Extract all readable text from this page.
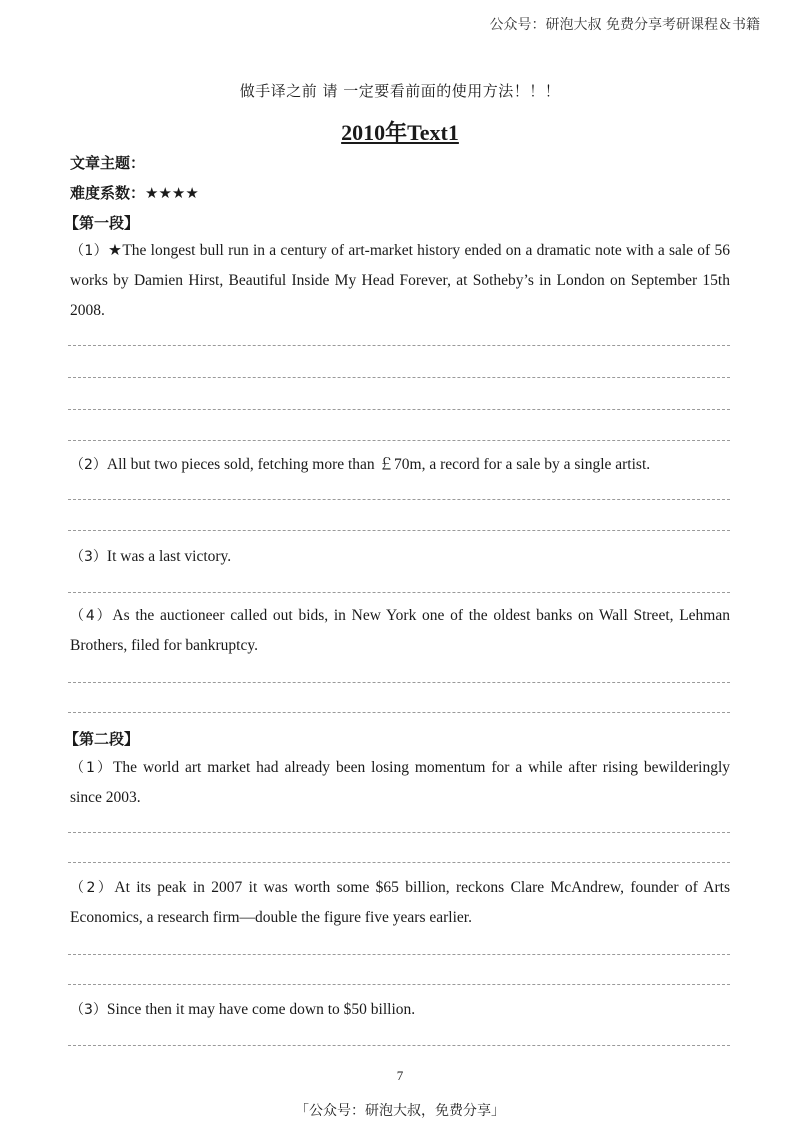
公众号：研泡大叔 免费分享考研课程＆书籍
做手译之前 请 一定要看前面的使用方法！！！
2010年Text1
文章主题：
难度系数：★★★★
【第一段】
（1）★The longest bull run in a century of art-market history ended on a dramatic note with a sale of 56 works by Damien Hirst, Beautiful Inside My Head Forever, at Sotheby’s in London on September 15th 2008.
（2）All but two pieces sold, fetching more than ￡70m, a record for a sale by a single artist.
（3）It was a last victory.
（4）As the auctioneer called out bids, in New York one of the oldest banks on Wall Street, Lehman Brothers, filed for bankruptcy.
【第二段】
（1）The world art market had already been losing momentum for a while after rising bewilderingly since 2003.
（2）At its peak in 2007 it was worth some $65 billion, reckons Clare McAndrew, founder of Arts Economics, a research firm—double the figure five years earlier.
（3）Since then it may have come down to $50 billion.
7
「公众号：研泡大叔，免费分享」
